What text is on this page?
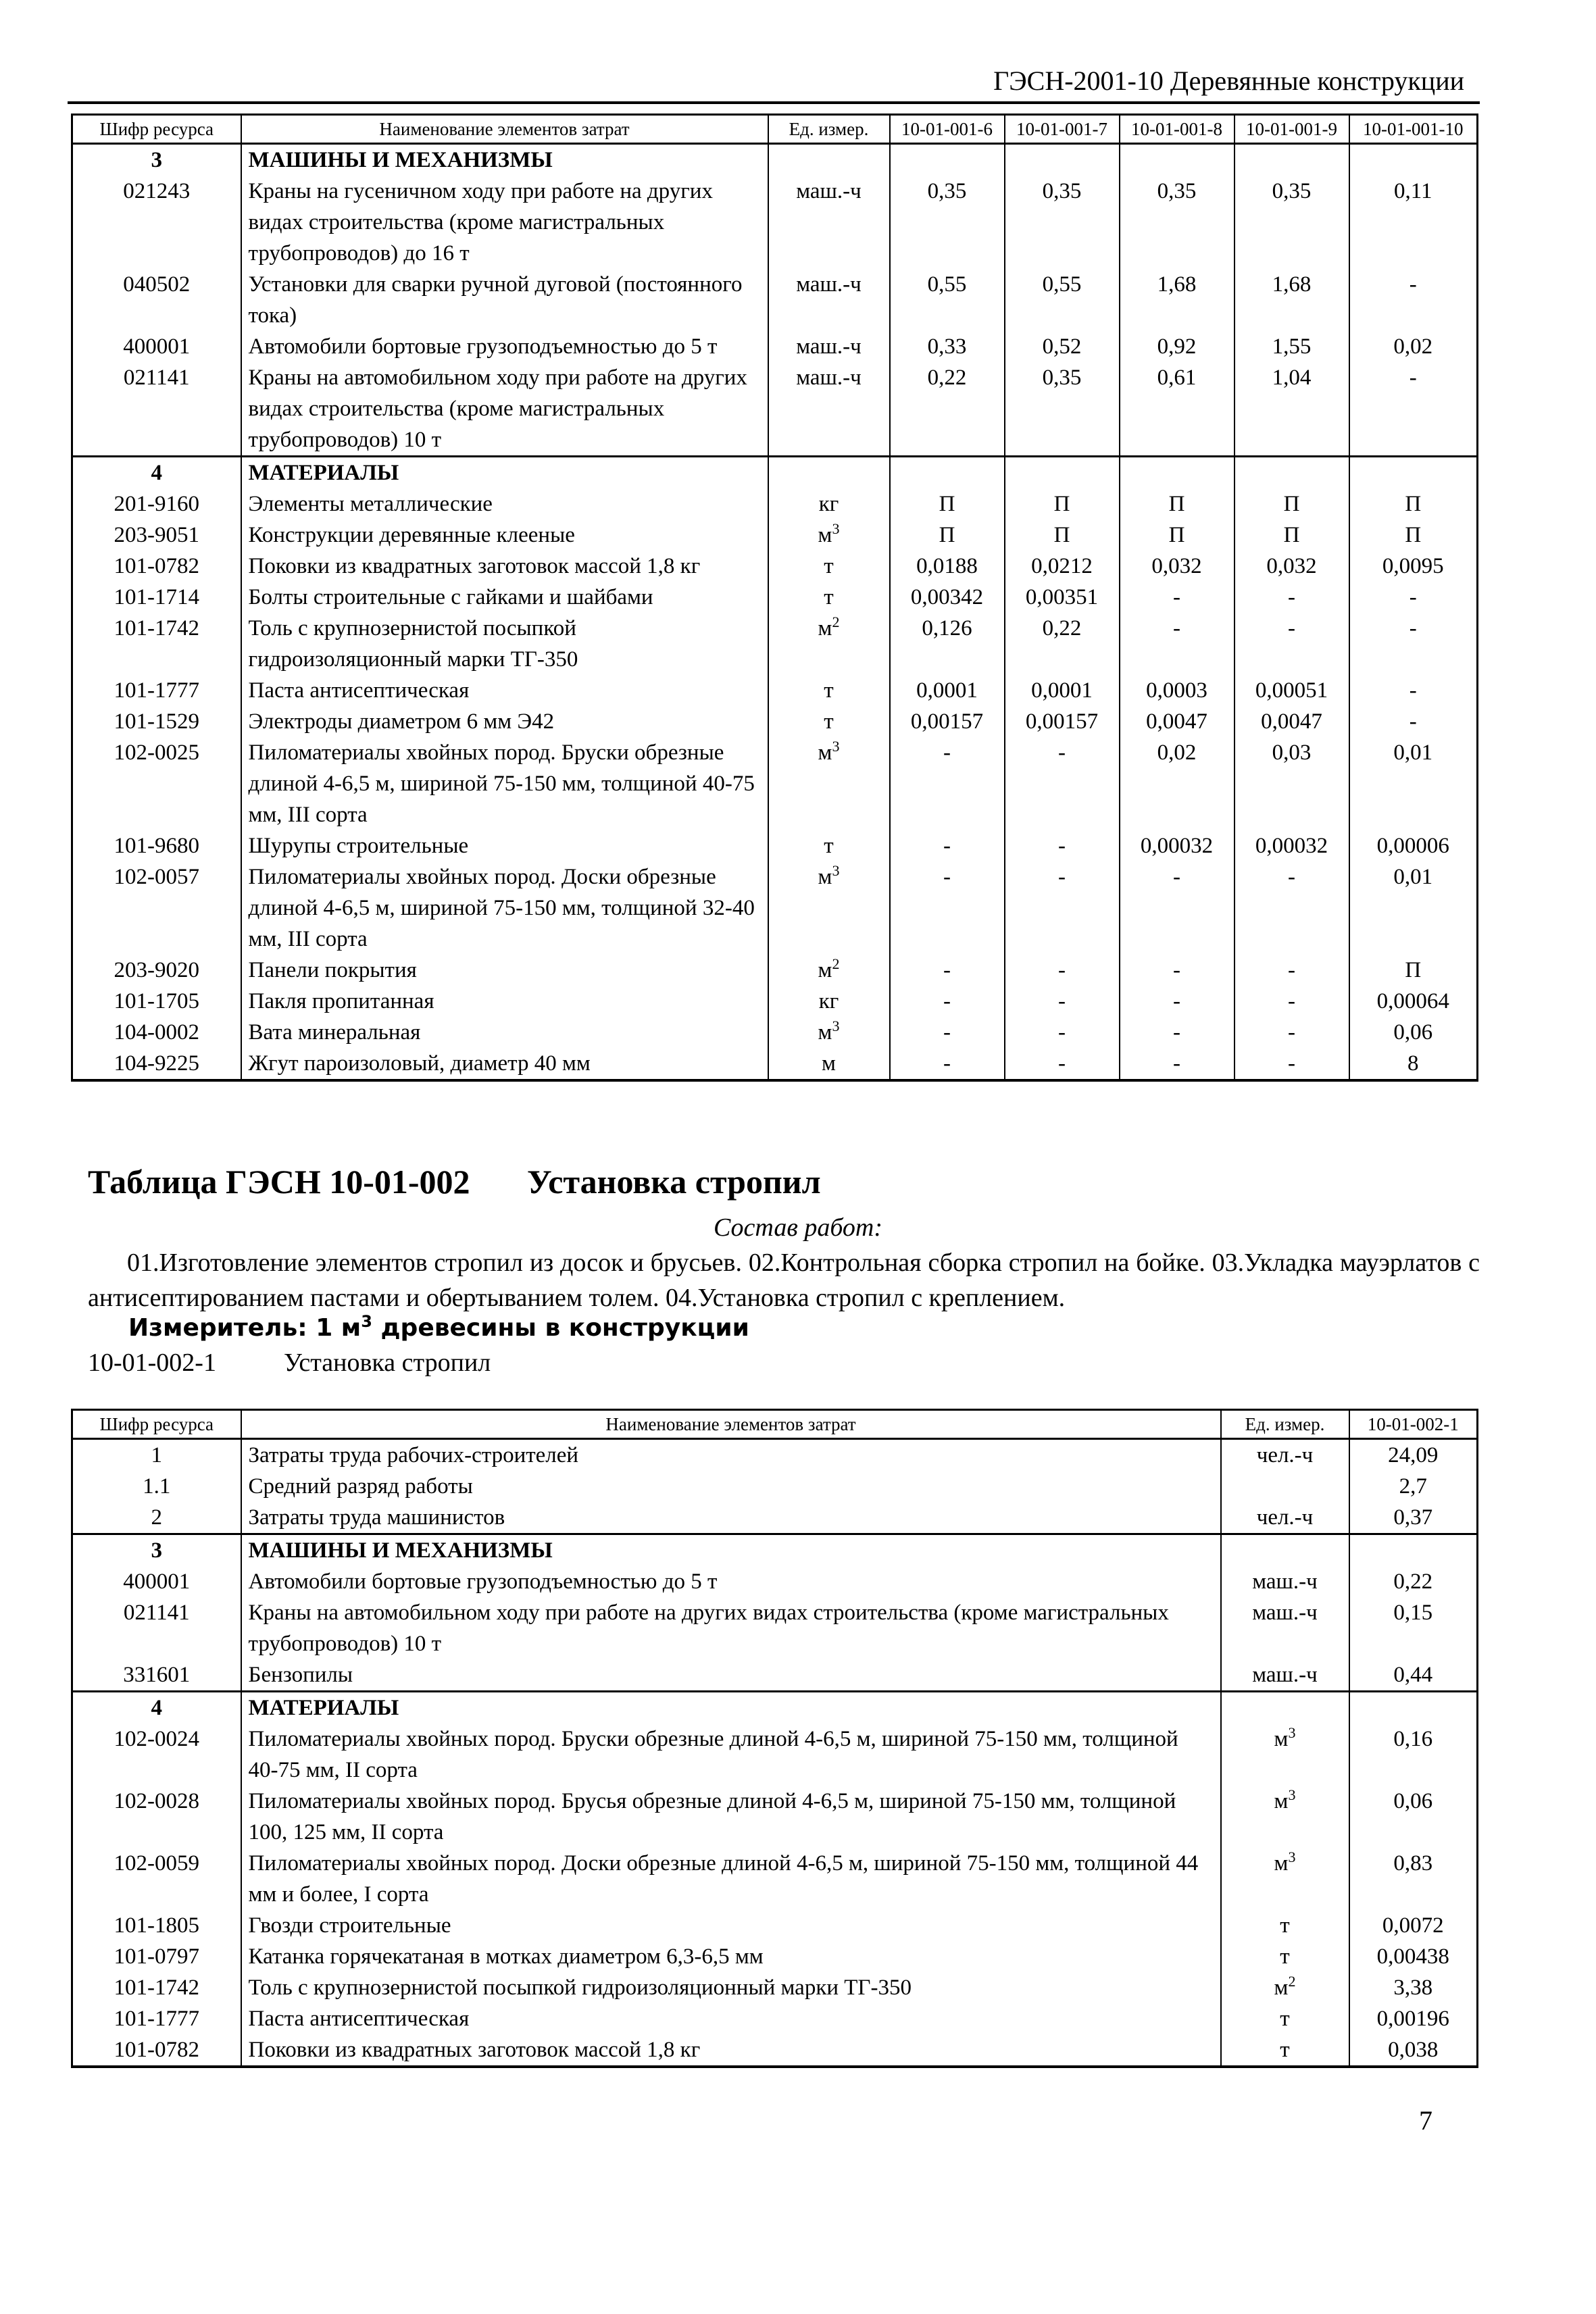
ГЭСН-2001-10 Деревянные конструкции
Шифр ресурса	Наименование элементов затрат	Ед. измер.	10-01-001-6	10-01-001-7	10-01-001-8	10-01-001-9	10-01-001-10
3	МАШИНЫ И МЕХАНИЗМЫ						
021243	Краны на гусеничном ходу при работе на других видах строительства (кроме магистральных трубопроводов) до 16 т	маш.-ч	0,35	0,35	0,35	0,35	0,11
040502	Установки для сварки ручной дуговой (постоянного тока)	маш.-ч	0,55	0,55	1,68	1,68	-
400001	Автомобили бортовые грузоподъемностью до 5 т	маш.-ч	0,33	0,52	0,92	1,55	0,02
021141	Краны на автомобильном ходу при работе на других видах строительства (кроме магистральных трубопроводов) 10 т	маш.-ч	0,22	0,35	0,61	1,04	-
4	МАТЕРИАЛЫ						
201-9160	Элементы металлические	кг	П	П	П	П	П
203-9051	Конструкции деревянные клееные	$м^3$	П	П	П	П	П
101-0782	Поковки из квадратных заготовок массой 1,8 кг	т	0,0188	0,0212	0,032	0,032	0,0095
101-1714	Болты строительные с гайками и шайбами	т	0,00342	0,00351	-	-	-
101-1742	Толь с крупнозернистой посыпкой гидроизоляционный марки ТГ-350	$м^2$	0,126	0,22	-	-	-
101-1777	Паста антисептическая	т	0,0001	0,0001	0,0003	0,00051	-
101-1529	Электроды диаметром 6 мм Э42	т	0,00157	0,00157	0,0047	0,0047	-
102-0025	Пиломатериалы хвойных пород. Бруски обрезные длиной 4-6,5 м, шириной 75-150 мм, толщиной 40-75 мм, III сорта	$м^3$	-	-	0,02	0,03	0,01
101-9680	Шурупы строительные	т	-	-	0,00032	0,00032	0,00006
102-0057	Пиломатериалы хвойных пород. Доски обрезные длиной 4-6,5 м, шириной 75-150 мм, толщиной 32-40 мм, III сорта	$м^3$	-	-	-	-	0,01
203-9020	Панели покрытия	$м^2$	-	-	-	-	П
101-1705	Пакля пропитанная	кг	-	-	-	-	0,00064
104-0002	Вата минеральная	$м^3$	-	-	-	-	0,06
104-9225	Жгут пароизоловый, диаметр 40 мм	м	-	-	-	-	8
Таблица ГЭСН 10-01-002 Установка стропил
Состав работ:
01.Изготовление элементов стропил из досок и брусьев. 02.Контрольная сборка стропил на бойке. 03.Укладка мауэрлатов с антисептированием пастами и обертыванием толем. 04.Установка стропил с креплением.
Измеритель: 1 $м^3$ древесины в конструкции
10-01-002-1	Установка стропил
Шифр ресурса	Наименование элементов затрат	Ед. измер.	10-01-002-1
1	Затраты труда рабочих-строителей	чел.-ч	24,09
1.1	Средний разряд работы		2,7
2	Затраты труда машинистов	чел.-ч	0,37
3	МАШИНЫ И МЕХАНИЗМЫ		
400001	Автомобили бортовые грузоподъемностью до 5 т	маш.-ч	0,22
021141	Краны на автомобильном ходу при работе на других видах строительства (кроме магистральных трубопроводов) 10 т	маш.-ч	0,15
331601	Бензопилы	маш.-ч	0,44
4	МАТЕРИАЛЫ		
102-0024	Пиломатериалы хвойных пород. Бруски обрезные длиной 4-6,5 м, шириной 75-150 мм, толщиной 40-75 мм, II сорта	$м^3$	0,16
102-0028	Пиломатериалы хвойных пород. Брусья обрезные длиной 4-6,5 м, шириной 75-150 мм, толщиной 100, 125 мм, II сорта	$м^3$	0,06
102-0059	Пиломатериалы хвойных пород. Доски обрезные длиной 4-6,5 м, шириной 75-150 мм, толщиной 44 мм и более, I сорта	$м^3$	0,83
101-1805	Гвозди строительные	т	0,0072
101-0797	Катанка горячекатаная в мотках диаметром 6,3-6,5 мм	т	0,00438
101-1742	Толь с крупнозернистой посыпкой гидроизоляционный марки ТГ-350	$м^2$	3,38
101-1777	Паста антисептическая	т	0,00196
101-0782	Поковки из квадратных заготовок массой 1,8 кг	т	0,038
7
